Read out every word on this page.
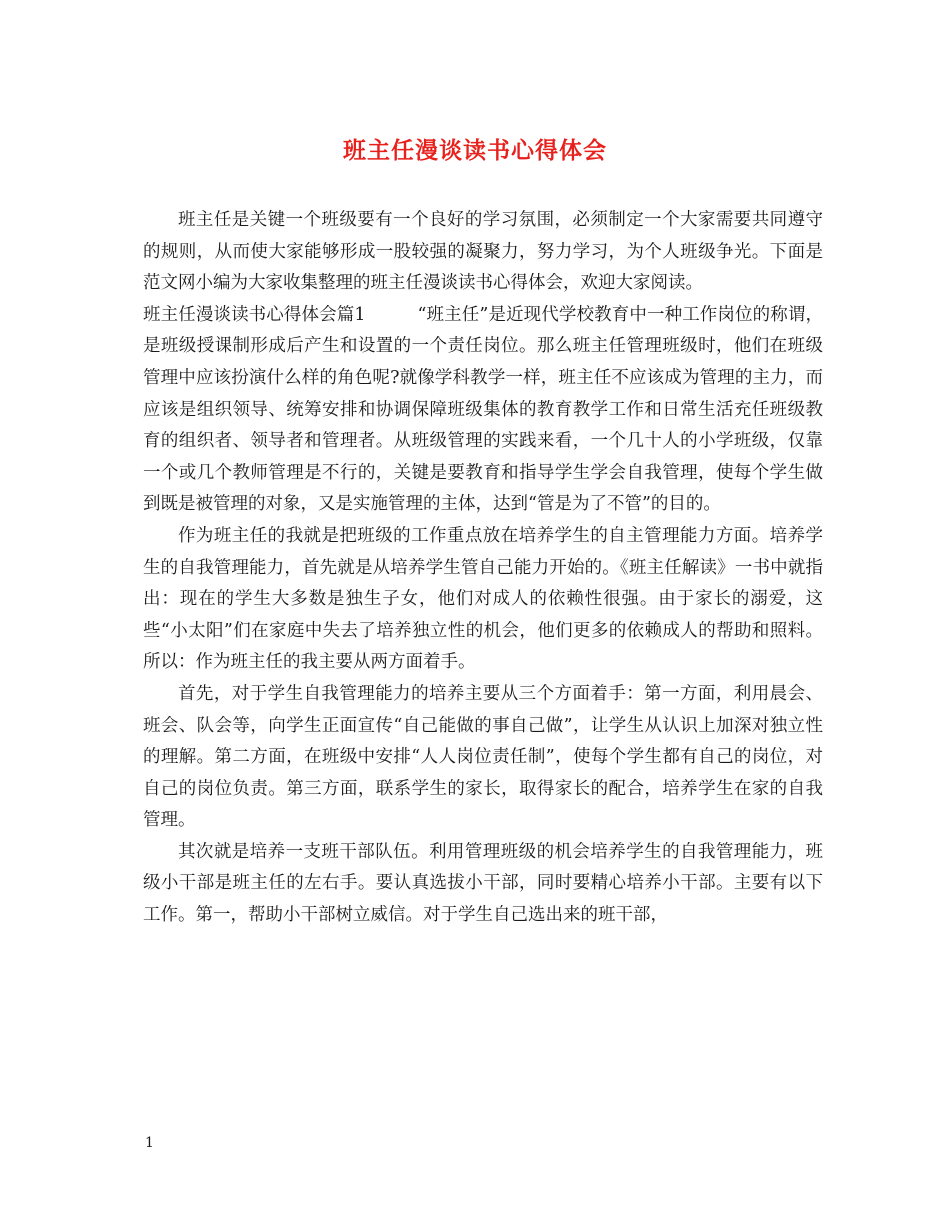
班主任漫谈读书心得体会

班主任是关键一个班级要有一个良好的学习氛围，必须制定一个大家需要共同遵守的规则，从而使大家能够形成一股较强的凝聚力，努力学习，为个人班级争光。下面是范文网小编为大家收集整理的班主任漫谈读书心得体会，欢迎大家阅读。

班主任漫谈读书心得体会篇1	“班主任”是近现代学校教育中一种工作岗位的称谓，是班级授课制形成后产生和设置的一个责任岗位。那么班主任管理班级时，他们在班级管理中应该扮演什么样的角色呢?就像学科教学一样，班主任不应该成为管理的主力，而应该是组织领导、统筹安排和协调保障班级集体的教育教学工作和日常生活充任班级教育的组织者、领导者和管理者。从班级管理的实践来看，一个几十人的小学班级，仅靠一个或几个教师管理是不行的，关键是要教育和指导学生学会自我管理，使每个学生做到既是被管理的对象，又是实施管理的主体，达到“管是为了不管”的目的。

作为班主任的我就是把班级的工作重点放在培养学生的自主管理能力方面。培养学生的自我管理能力，首先就是从培养学生管自己能力开始的。《班主任解读》一书中就指出：现在的学生大多数是独生子女，他们对成人的依赖性很强。由于家长的溺爱，这些“小太阳”们在家庭中失去了培养独立性的机会，他们更多的依赖成人的帮助和照料。所以：作为班主任的我主要从两方面着手。

首先，对于学生自我管理能力的培养主要从三个方面着手：第一方面，利用晨会、班会、队会等，向学生正面宣传“自己能做的事自己做”，让学生从认识上加深对独立性的理解。第二方面，在班级中安排“人人岗位责任制”，使每个学生都有自己的岗位，对自己的岗位负责。第三方面，联系学生的家长，取得家长的配合，培养学生在家的自我管理。

其次就是培养一支班干部队伍。利用管理班级的机会培养学生的自我管理能力，班级小干部是班主任的左右手。要认真选拔小干部，同时要精心培养小干部。主要有以下工作。第一，帮助小干部树立威信。对于学生自己选出来的班干部，

1
